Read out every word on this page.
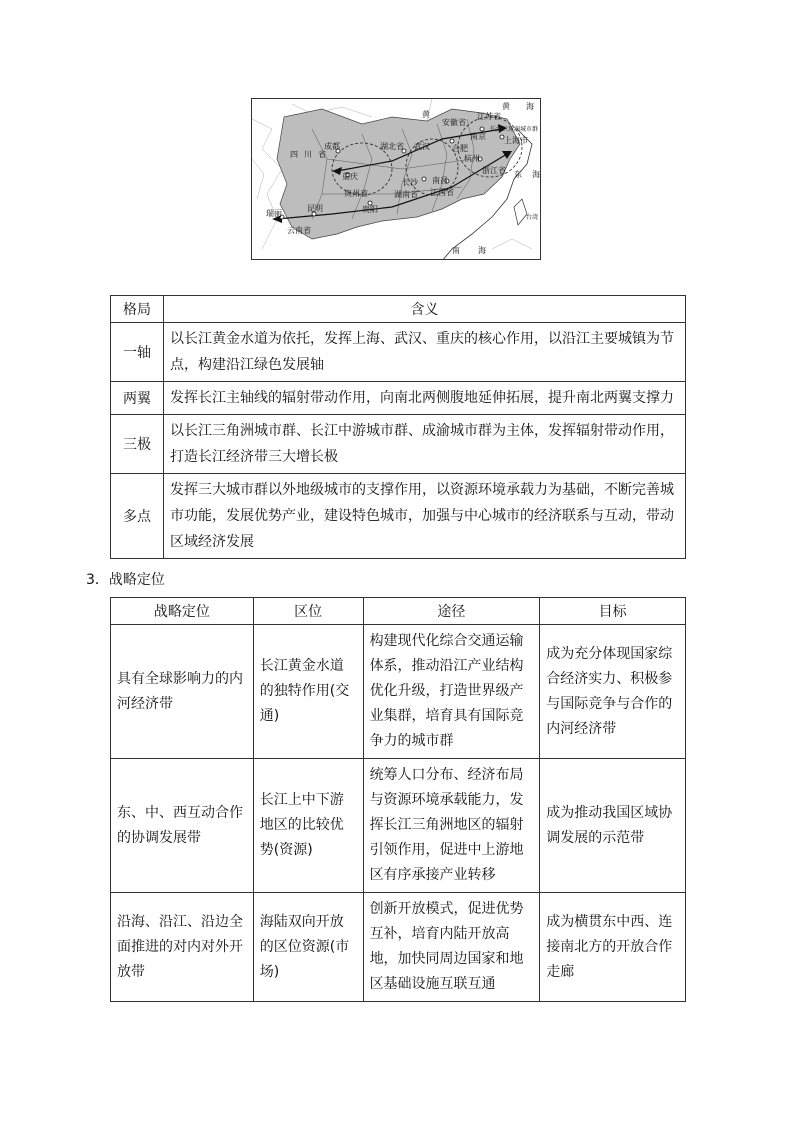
黄 海
江苏省
安徽省
黄
长江三角洲城市群
上海市
四川省
成都
重庆
湖北省 武汉	合肥
南京
杭州
浙江省 东 海
长沙 南昌
江西省
贵州省	湖南省
贵阳
昆明
云南省
瑞丽	台湾
南 海
格局	含义
一轴	以长江黄金水道为依托，发挥上海、武汉、重庆的核心作用，以沿江主要城镇为节点，构建沿江绿色发展轴
两翼	发挥长江主轴线的辐射带动作用，向南北两侧腹地延伸拓展，提升南北两翼支撑力
三极	以长江三角洲城市群、长江中游城市群、成渝城市群为主体，发挥辐射带动作用，打造长江经济带三大增长极
多点	发挥三大城市群以外地级城市的支撑作用，以资源环境承载力为基础，不断完善城市功能，发展优势产业，建设特色城市，加强与中心城市的经济联系与互动，带动区域经济发展
3．战略定位
战略定位	区位	途径	目标
具有全球影响力的内河经济带	长江黄金水道的独特作用(交通)	构建现代化综合交通运输体系，推动沿江产业结构优化升级，打造世界级产业集群，培育具有国际竞争力的城市群	成为充分体现国家综合经济实力、积极参与国际竞争与合作的内河经济带
东、中、西互动合作的协调发展带	长江上中下游地区的比较优势(资源)	统筹人口分布、经济布局与资源环境承载能力，发挥长江三角洲地区的辐射引领作用，促进中上游地区有序承接产业转移	成为推动我国区域协调发展的示范带
沿海、沿江、沿边全面推进的对内对外开放带	海陆双向开放的区位资源(市场)	创新开放模式，促进优势互补，培育内陆开放高地，加快同周边国家和地区基础设施互联互通	成为横贯东中西、连接南北方的开放合作走廊
